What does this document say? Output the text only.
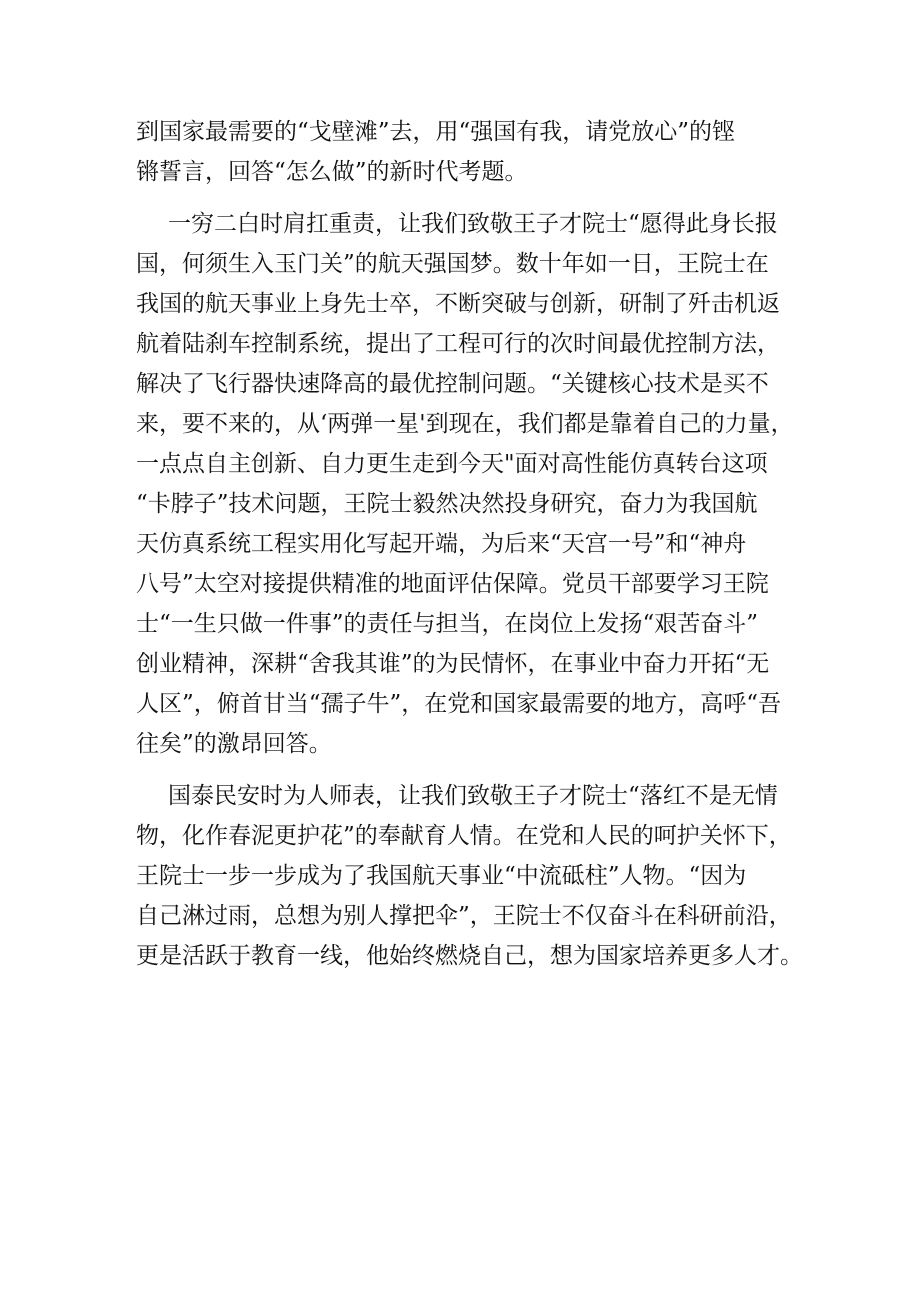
到国家最需要的“戈壁滩”去，用“强国有我，请党放心”的铿
锵誓言，回答“怎么做”的新时代考题。

一穷二白时肩扛重责，让我们致敬王子才院士“愿得此身长报
国，何须生入玉门关”的航天强国梦。数十年如一日，王院士在
我国的航天事业上身先士卒，不断突破与创新，研制了歼击机返
航着陆刹车控制系统，提出了工程可行的次时间最优控制方法，
解决了飞行器快速降高的最优控制问题。“关键核心技术是买不
来，要不来的，从‘两弹一星'到现在，我们都是靠着自己的力量，
一点点自主创新、自力更生走到今天"面对高性能仿真转台这项
“卡脖子”技术问题，王院士毅然决然投身研究，奋力为我国航
天仿真系统工程实用化写起开端，为后来“天宫一号”和“神舟
八号”太空对接提供精准的地面评估保障。党员干部要学习王院
士“一生只做一件事”的责任与担当，在岗位上发扬“艰苦奋斗”
创业精神，深耕“舍我其谁”的为民情怀，在事业中奋力开拓“无
人区”，俯首甘当“孺子牛”，在党和国家最需要的地方，高呼“吾
往矣”的激昂回答。

国泰民安时为人师表，让我们致敬王子才院士“落红不是无情
物，化作春泥更护花”的奉献育人情。在党和人民的呵护关怀下，
王院士一步一步成为了我国航天事业“中流砥柱”人物。“因为
自己淋过雨，总想为别人撑把伞”，王院士不仅奋斗在科研前沿，
更是活跃于教育一线，他始终燃烧自己，想为国家培养更多人才。
